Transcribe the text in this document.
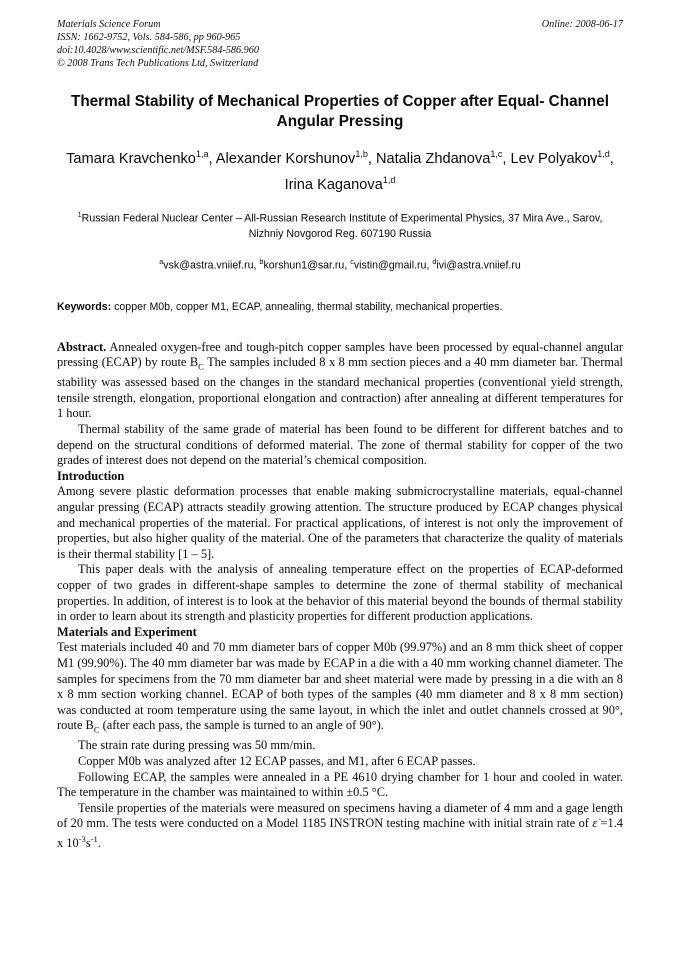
Materials Science Forum
ISSN: 1662-9752, Vols. 584-586, pp 960-965
doi:10.4028/www.scientific.net/MSF.584-586.960
© 2008 Trans Tech Publications Ltd, Switzerland
Online: 2008-06-17
Thermal Stability of Mechanical Properties of Copper after Equal- Channel Angular Pressing
Tamara Kravchenko$^{1,a}$, Alexander Korshunov$^{1,b}$, Natalia Zhdanova$^{1,c}$, Lev Polyakov$^{1,d}$, Irina Kaganova$^{1,d}$
$^1$Russian Federal Nuclear Center – All-Russian Research Institute of Experimental Physics, 37 Mira Ave., Sarov, Nizhniy Novgorod Reg. 607190 Russia
$^a$vsk@astra.vniief.ru, $^b$korshun1@sar.ru, $^c$vistin@gmail.ru, $^d$ivi@astra.vniief.ru
Keywords: copper M0b, copper M1, ECAP, annealing, thermal stability, mechanical properties.

Abstract. Annealed oxygen-free and tough-pitch copper samples have been processed by equal-channel angular pressing (ECAP) by route $B_C$ The samples included 8 x 8 mm section pieces and a 40 mm diameter bar. Thermal stability was assessed based on the changes in the standard mechanical properties (conventional yield strength, tensile strength, elongation, proportional elongation and contraction) after annealing at different temperatures for 1 hour.

Thermal stability of the same grade of material has been found to be different for different batches and to depend on the structural conditions of deformed material. The zone of thermal stability for copper of the two grades of interest does not depend on the material’s chemical composition.

Introduction

Among severe plastic deformation processes that enable making submicrocrystalline materials, equal-channel angular pressing (ECAP) attracts steadily growing attention. The structure produced by ECAP changes physical and mechanical properties of the material. For practical applications, of interest is not only the improvement of properties, but also higher quality of the material. One of the parameters that characterize the quality of materials is their thermal stability [1 – 5].

This paper deals with the analysis of annealing temperature effect on the properties of ECAP-deformed copper of two grades in different-shape samples to determine the zone of thermal stability of mechanical properties. In addition, of interest is to look at the behavior of this material beyond the bounds of thermal stability in order to learn about its strength and plasticity properties for different production applications.

Materials and Experiment

Test materials included 40 and 70 mm diameter bars of copper M0b (99.97%) and an 8 mm thick sheet of copper M1 (99.90%). The 40 mm diameter bar was made by ECAP in a die with a 40 mm working channel diameter. The samples for specimens from the 70 mm diameter bar and sheet material were made by pressing in a die with an 8 x 8 mm section working channel. ECAP of both types of the samples (40 mm diameter and 8 x 8 mm section) was conducted at room temperature using the same layout, in which the inlet and outlet channels crossed at 90°, route $B_C$ (after each pass, the sample is turned to an angle of 90°).

The strain rate during pressing was 50 mm/min.

Copper M0b was analyzed after 12 ECAP passes, and M1, after 6 ECAP passes.

Following ECAP, the samples were annealed in a PE 4610 drying chamber for 1 hour and cooled in water. The temperature in the chamber was maintained to within ±0.5 °C.

Tensile properties of the materials were measured on specimens having a diameter of 4 mm and a gage length of 20 mm. The tests were conducted on a Model 1185 INSTRON testing machine with initial strain rate of ε̇ =1.4 x $10^{-3}s^{-1}$.
